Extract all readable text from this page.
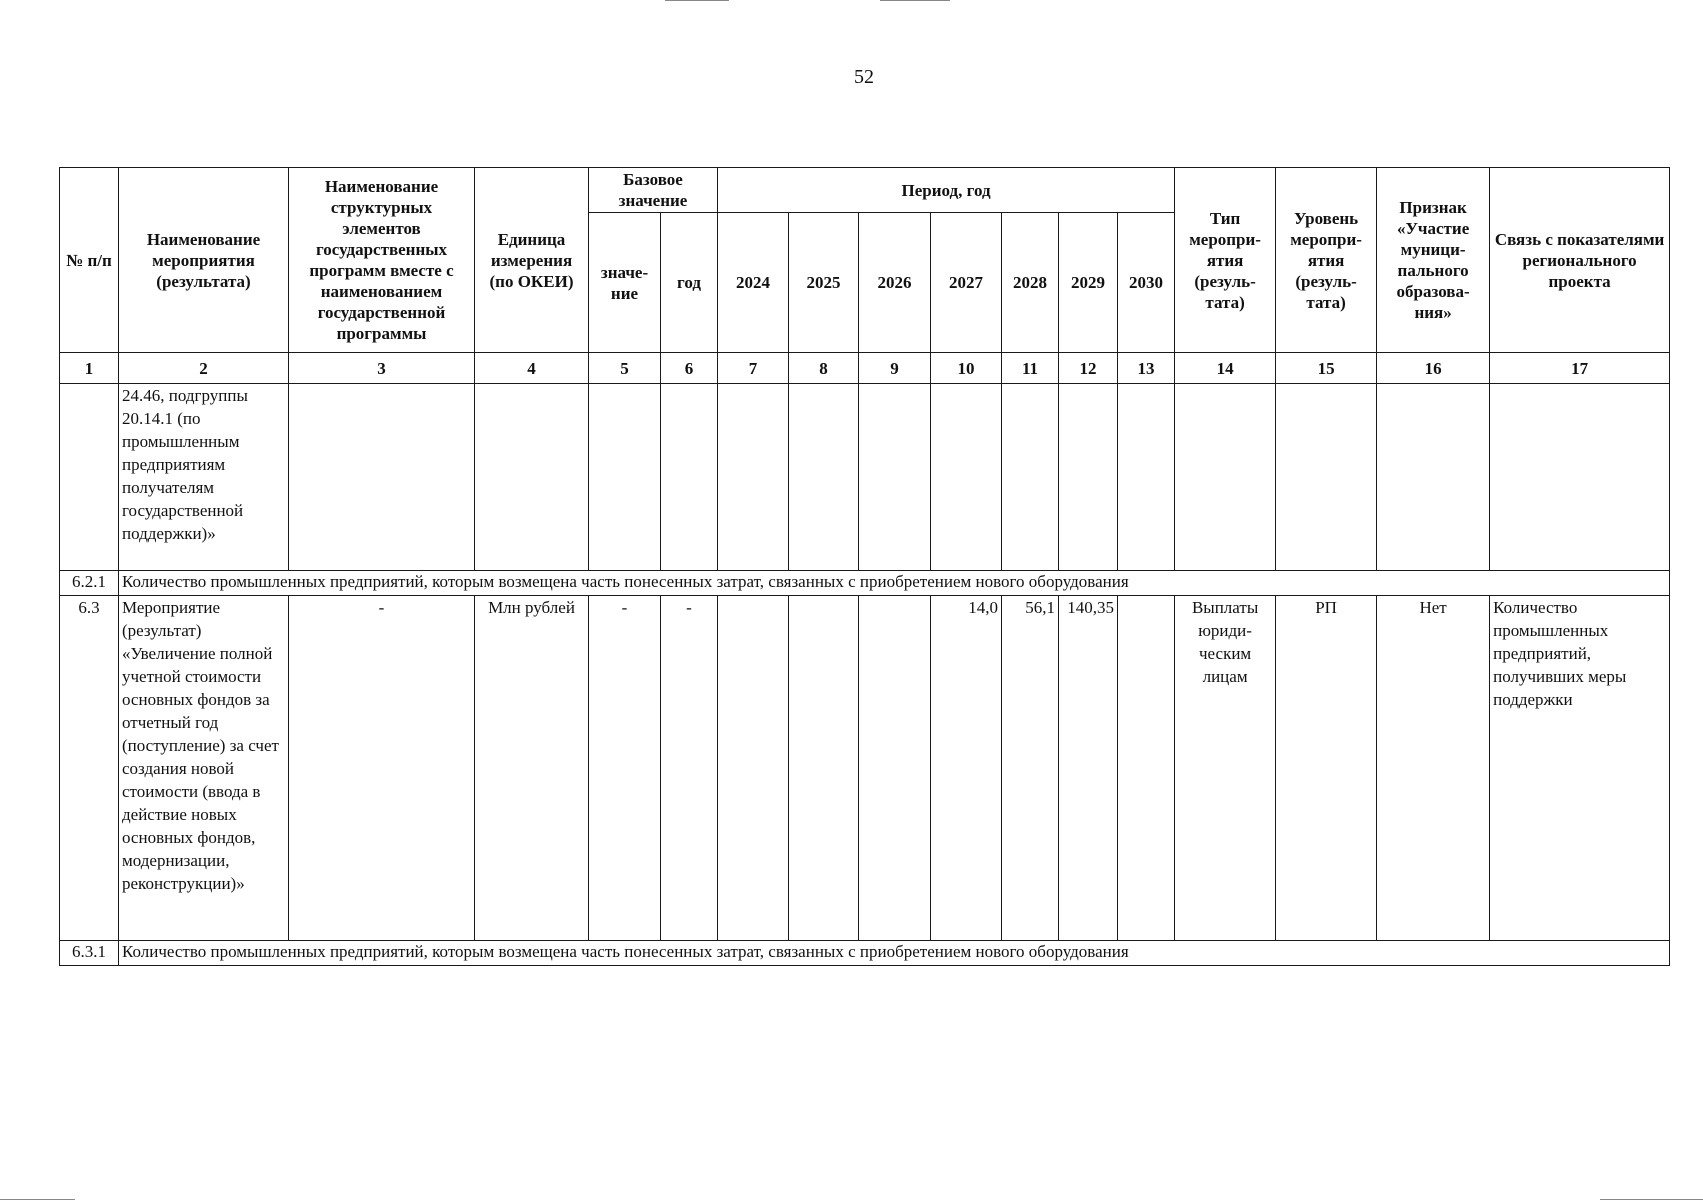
52
№ п/п	Наименование мероприятия (результата)	Наименование структурных элементов государственных программ вместе с наименованием государственной программы	Единица измерения (по ОКЕИ)	Базовое значение		Период, год							Тип меропри-ятия (резуль-тата)	Уровень меропри-ятия (резуль-тата)	Признак «Участие муници-пального образова-ния»	Связь с показателями регионального проекта
				значе-ние	год	2024	2025	2026	2027	2028	2029	2030				
1	2	3	4	5	6	7	8	9	10	11	12	13	14	15	16	17
	24.46, подгруппы 20.14.1 (по промышленным предприятиям получателям государственной поддержки)»															
6.2.1	Количество промышленных предприятий, которым возмещена часть понесенных затрат, связанных с приобретением нового оборудования															
6.3	Мероприятие (результат) «Увеличение полной учетной стоимости основных фондов за отчетный год (поступление) за счет создания новой стоимости (ввода в действие новых основных фондов, модернизации, реконструкции)»	-	Млн рублей	-	-				14,0	56,1	140,35		Выплаты юриди-ческим лицам	РП	Нет	Количество промышленных предприятий, получивших меры поддержки
6.3.1	Количество промышленных предприятий, которым возмещена часть понесенных затрат, связанных с приобретением нового оборудования															
